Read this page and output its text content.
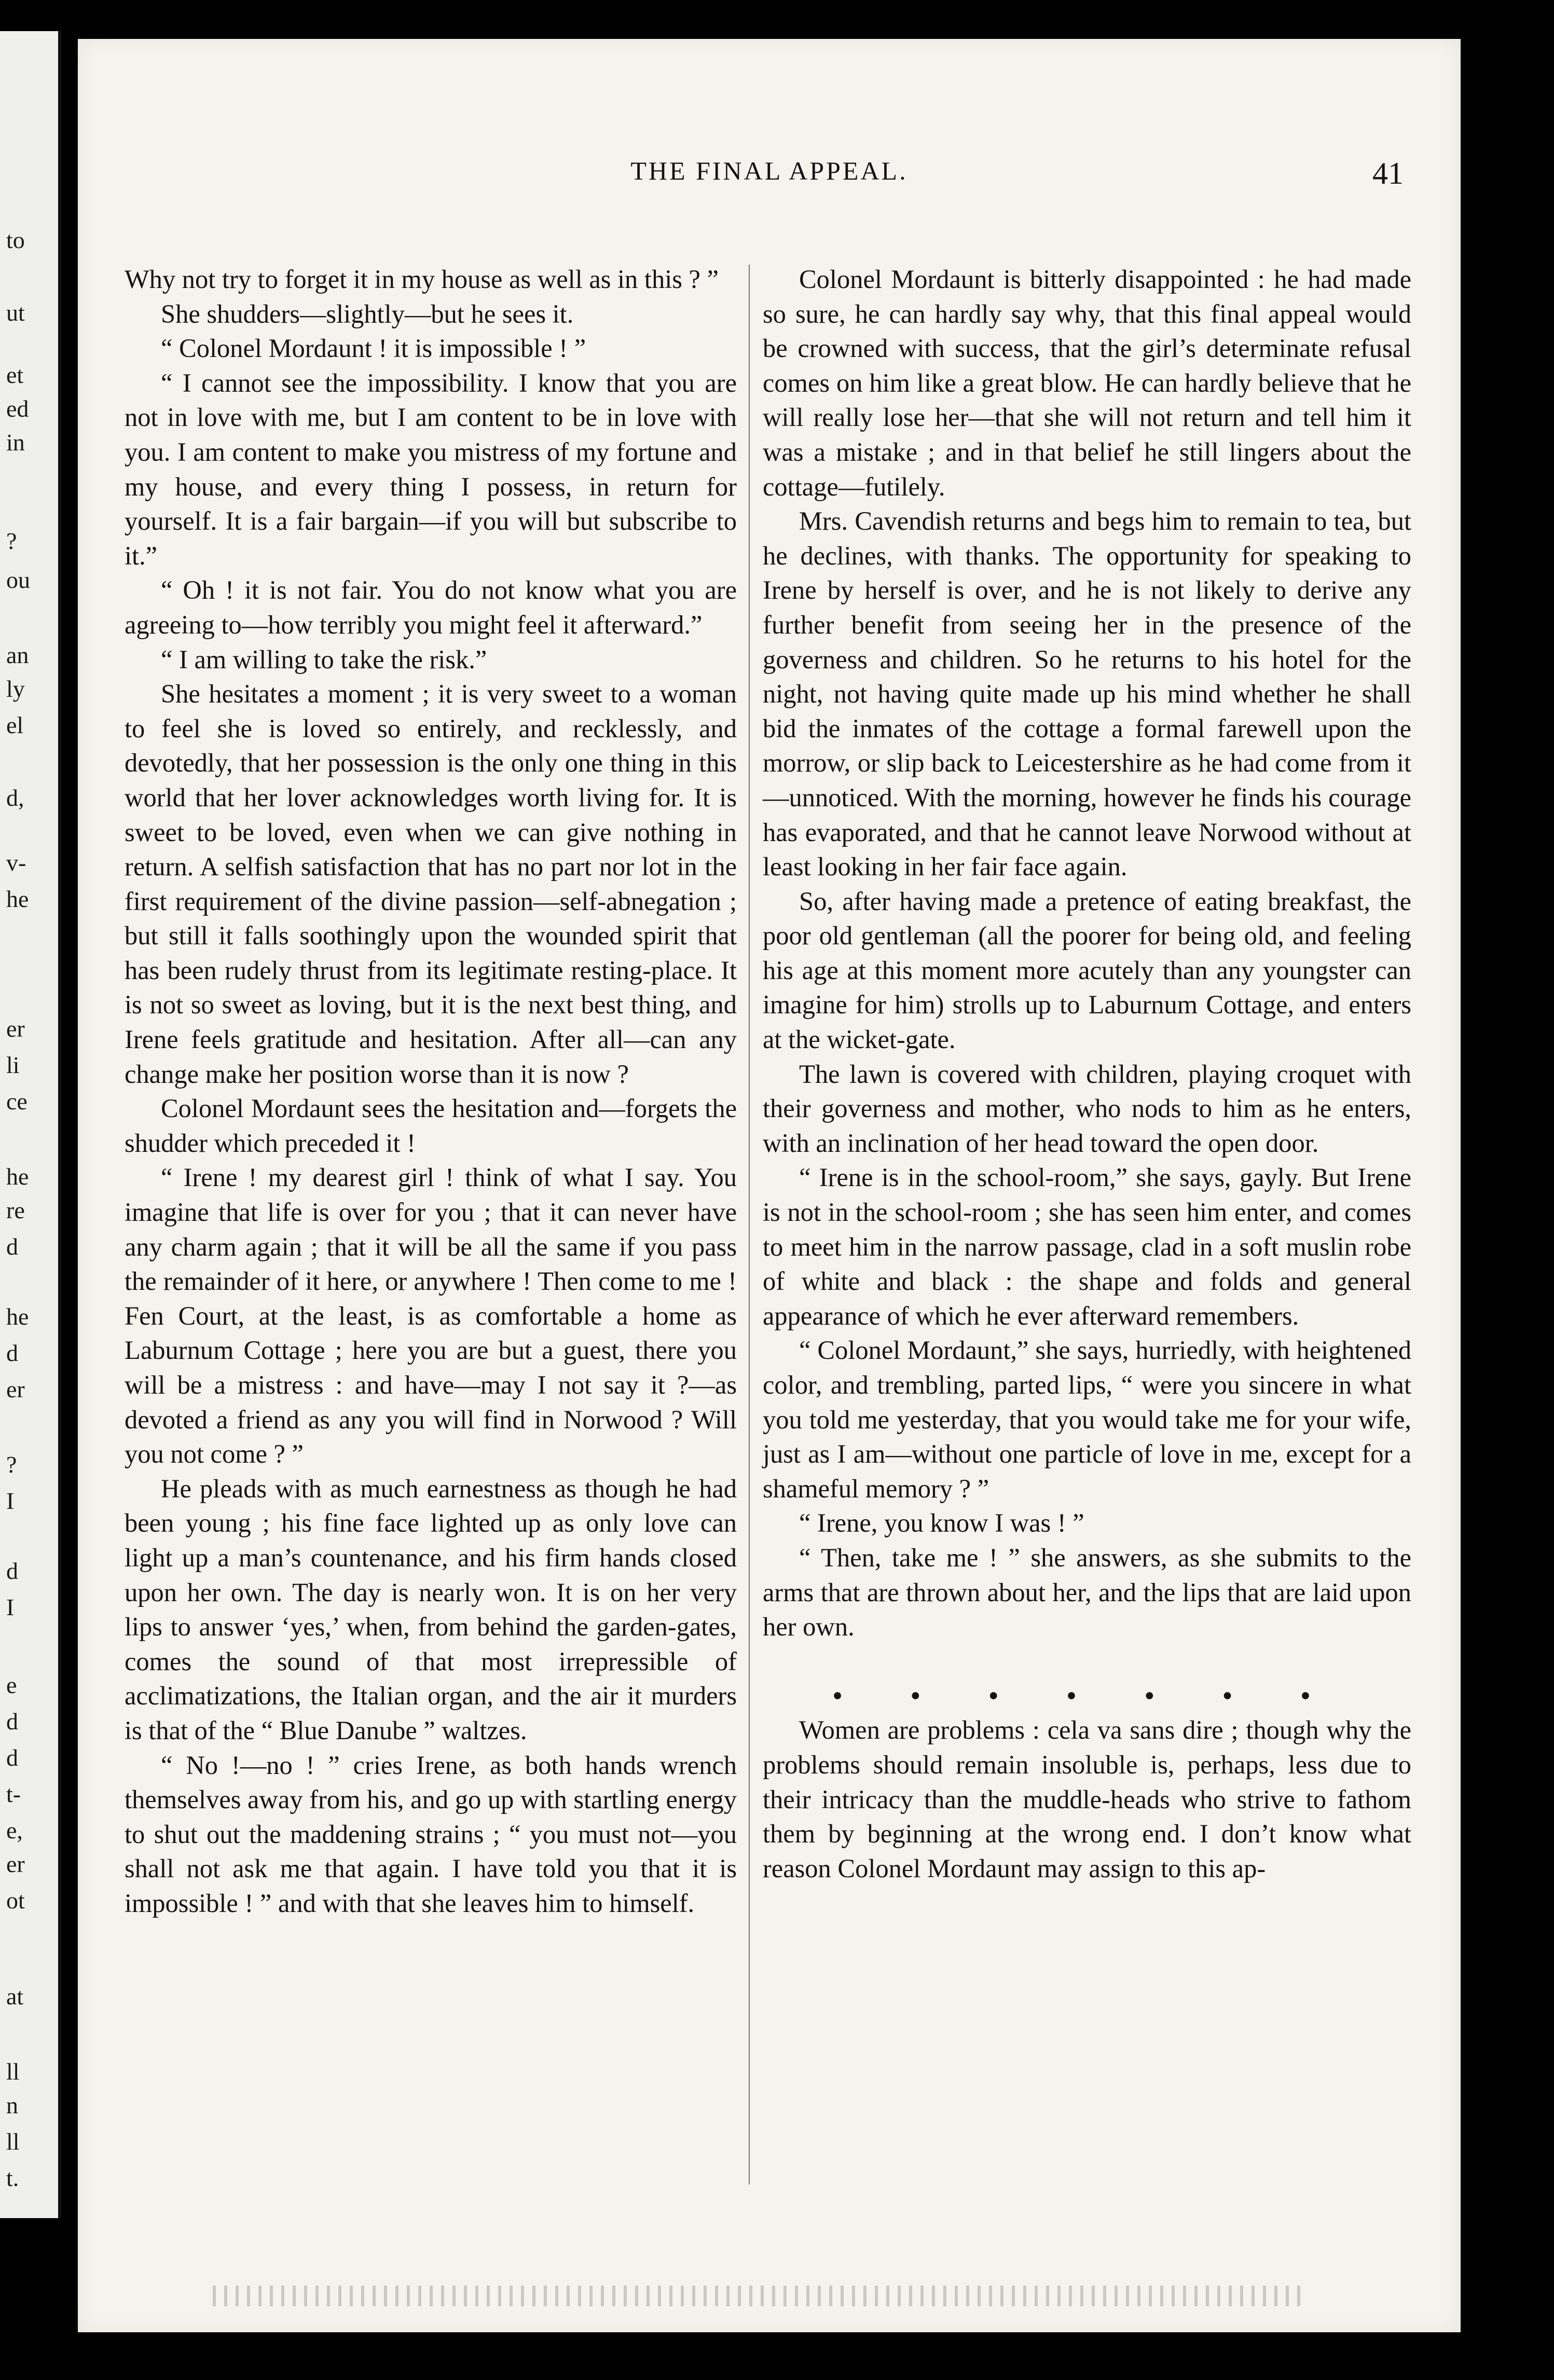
to
ut
et
ed
in
?
ou
an
ly
el
d,
v-
he
er
li
ce
he
re
d
he
d
er
?
I
d
I
e
d
d
t-
e,
er
ot
at
ll
n
ll
t.
THE FINAL APPEAL.	41

Why not try to forget it in my house as well as in this ? ”

She shudders—slightly—but he sees it.

“ Colonel Mordaunt ! it is impossible ! ”

“ I cannot see the impossibility. I know that you are not in love with me, but I am content to be in love with you. I am content to make you mistress of my fortune and my house, and every thing I possess, in return for yourself. It is a fair bargain—if you will but subscribe to it.”

“ Oh ! it is not fair. You do not know what you are agreeing to—how terribly you might feel it afterward.”

“ I am willing to take the risk.”

She hesitates a moment ; it is very sweet to a woman to feel she is loved so entirely, and recklessly, and devotedly, that her possession is the only one thing in this world that her lover acknowledges worth living for. It is sweet to be loved, even when we can give nothing in return. A selfish satisfaction that has no part nor lot in the first requirement of the divine passion—self-abnegation ; but still it falls soothingly upon the wounded spirit that has been rudely thrust from its legitimate resting-place. It is not so sweet as loving, but it is the next best thing, and Irene feels gratitude and hesitation. After all—can any change make her position worse than it is now ?

Colonel Mordaunt sees the hesitation and—forgets the shudder which preceded it !

“ Irene ! my dearest girl ! think of what I say. You imagine that life is over for you ; that it can never have any charm again ; that it will be all the same if you pass the remainder of it here, or anywhere ! Then come to me ! Fen Court, at the least, is as comfortable a home as Laburnum Cottage ; here you are but a guest, there you will be a mistress : and have—may I not say it ?—as devoted a friend as any you will find in Norwood ? Will you not come ? ”

He pleads with as much earnestness as though he had been young ; his fine face lighted up as only love can light up a man’s countenance, and his firm hands closed upon her own. The day is nearly won. It is on her very lips to answer ‘yes,’ when, from behind the garden-gates, comes the sound of that most irrepressible of acclimatizations, the Italian organ, and the air it murders is that of the “ Blue Danube ” waltzes.

“ No !—no ! ” cries Irene, as both hands wrench themselves away from his, and go up with startling energy to shut out the maddening strains ; “ you must not—you shall not ask me that again. I have told you that it is impossible ! ” and with that she leaves him to himself.

Colonel Mordaunt is bitterly disappointed : he had made so sure, he can hardly say why, that this final appeal would be crowned with success, that the girl’s determinate refusal comes on him like a great blow. He can hardly believe that he will really lose her—that she will not return and tell him it was a mistake ; and in that belief he still lingers about the cottage—futilely.

Mrs. Cavendish returns and begs him to remain to tea, but he declines, with thanks. The opportunity for speaking to Irene by herself is over, and he is not likely to derive any further benefit from seeing her in the presence of the governess and children. So he returns to his hotel for the night, not having quite made up his mind whether he shall bid the inmates of the cottage a formal farewell upon the morrow, or slip back to Leicestershire as he had come from it—unnoticed. With the morning, however he finds his courage has evaporated, and that he cannot leave Norwood without at least looking in her fair face again.

So, after having made a pretence of eating breakfast, the poor old gentleman (all the poorer for being old, and feeling his age at this moment more acutely than any youngster can imagine for him) strolls up to Laburnum Cottage, and enters at the wicket-gate.

The lawn is covered with children, playing croquet with their governess and mother, who nods to him as he enters, with an inclination of her head toward the open door.

“ Irene is in the school-room,” she says, gayly. But Irene is not in the school-room ; she has seen him enter, and comes to meet him in the narrow passage, clad in a soft muslin robe of white and black : the shape and folds and general appearance of which he ever afterward remembers.

“ Colonel Mordaunt,” she says, hurriedly, with heightened color, and trembling, parted lips, “ were you sincere in what you told me yesterday, that you would take me for your wife, just as I am—without one particle of love in me, except for a shameful memory ? ”

“ Irene, you know I was ! ”

“ Then, take me ! ” she answers, as she submits to the arms that are thrown about her, and the lips that are laid upon her own.

• • • • • • •

Women are problems : cela va sans dire ; though why the problems should remain insoluble is, perhaps, less due to their intricacy than the muddle-heads who strive to fathom them by beginning at the wrong end. I don’t know what reason Colonel Mordaunt may assign to this ap-
